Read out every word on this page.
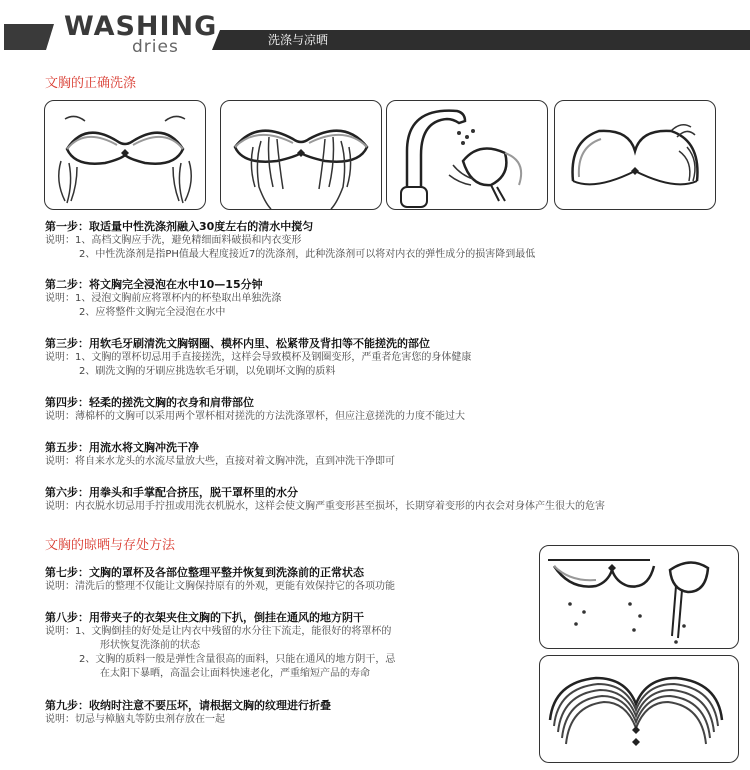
WASHING
dries	洗涤与凉晒
文胸的正确洗涤
第一步：取适量中性洗涤剂融入30度左右的清水中搅匀
说明：1、高档文胸应手洗，避免精细面料破损和内衣变形
2、中性洗涤剂是指PH值最大程度接近7的洗涤剂，此种洗涤剂可以将对内衣的弹性成分的损害降到最低
第二步：将文胸完全浸泡在水中10—15分钟
说明：1、浸泡文胸前应将罩杯内的杯垫取出单独洗涤
2、应将整件文胸完全浸泡在水中
第三步：用软毛牙刷清洗文胸钢圈、模杯内里、松紧带及背扣等不能搓洗的部位
说明：1、文胸的罩杯切忌用手直接搓洗，这样会导致模杯及钢圈变形，严重者危害您的身体健康
2、刷洗文胸的牙刷应挑选软毛牙刷，以免刷坏文胸的质料
第四步：轻柔的搓洗文胸的衣身和肩带部位
说明：薄棉杯的文胸可以采用两个罩杯相对搓洗的方法洗涤罩杯，但应注意搓洗的力度不能过大
第五步：用流水将文胸冲洗干净
说明：将自来水龙头的水流尽量放大些，直接对着文胸冲洗，直到冲洗干净即可
第六步：用拳头和手掌配合挤压，脱干罩杯里的水分
说明：内衣脱水切忌用手拧扭或用洗衣机脱水，这样会使文胸严重变形甚至损坏，长期穿着变形的内衣会对身体产生很大的危害
文胸的晾晒与存处方法
第七步：文胸的罩杯及各部位整理平整并恢复到洗涤前的正常状态
说明：清洗后的整理不仅能让文胸保持原有的外观，更能有效保持它的各项功能
第八步：用带夹子的衣架夹住文胸的下扒，倒挂在通风的地方阴干
说明：1、文胸倒挂的好处是让内衣中残留的水分往下流走，能很好的将罩杯的
形状恢复洗涤前的状态
2、文胸的质料一般是弹性含量很高的面料，只能在通风的地方阴干，忌
在太阳下暴晒，高温会让面料快速老化，严重缩短产品的寿命
第九步：收纳时注意不要压坏，请根据文胸的纹理进行折叠
说明：切忌与樟脑丸等防虫剂存放在一起
